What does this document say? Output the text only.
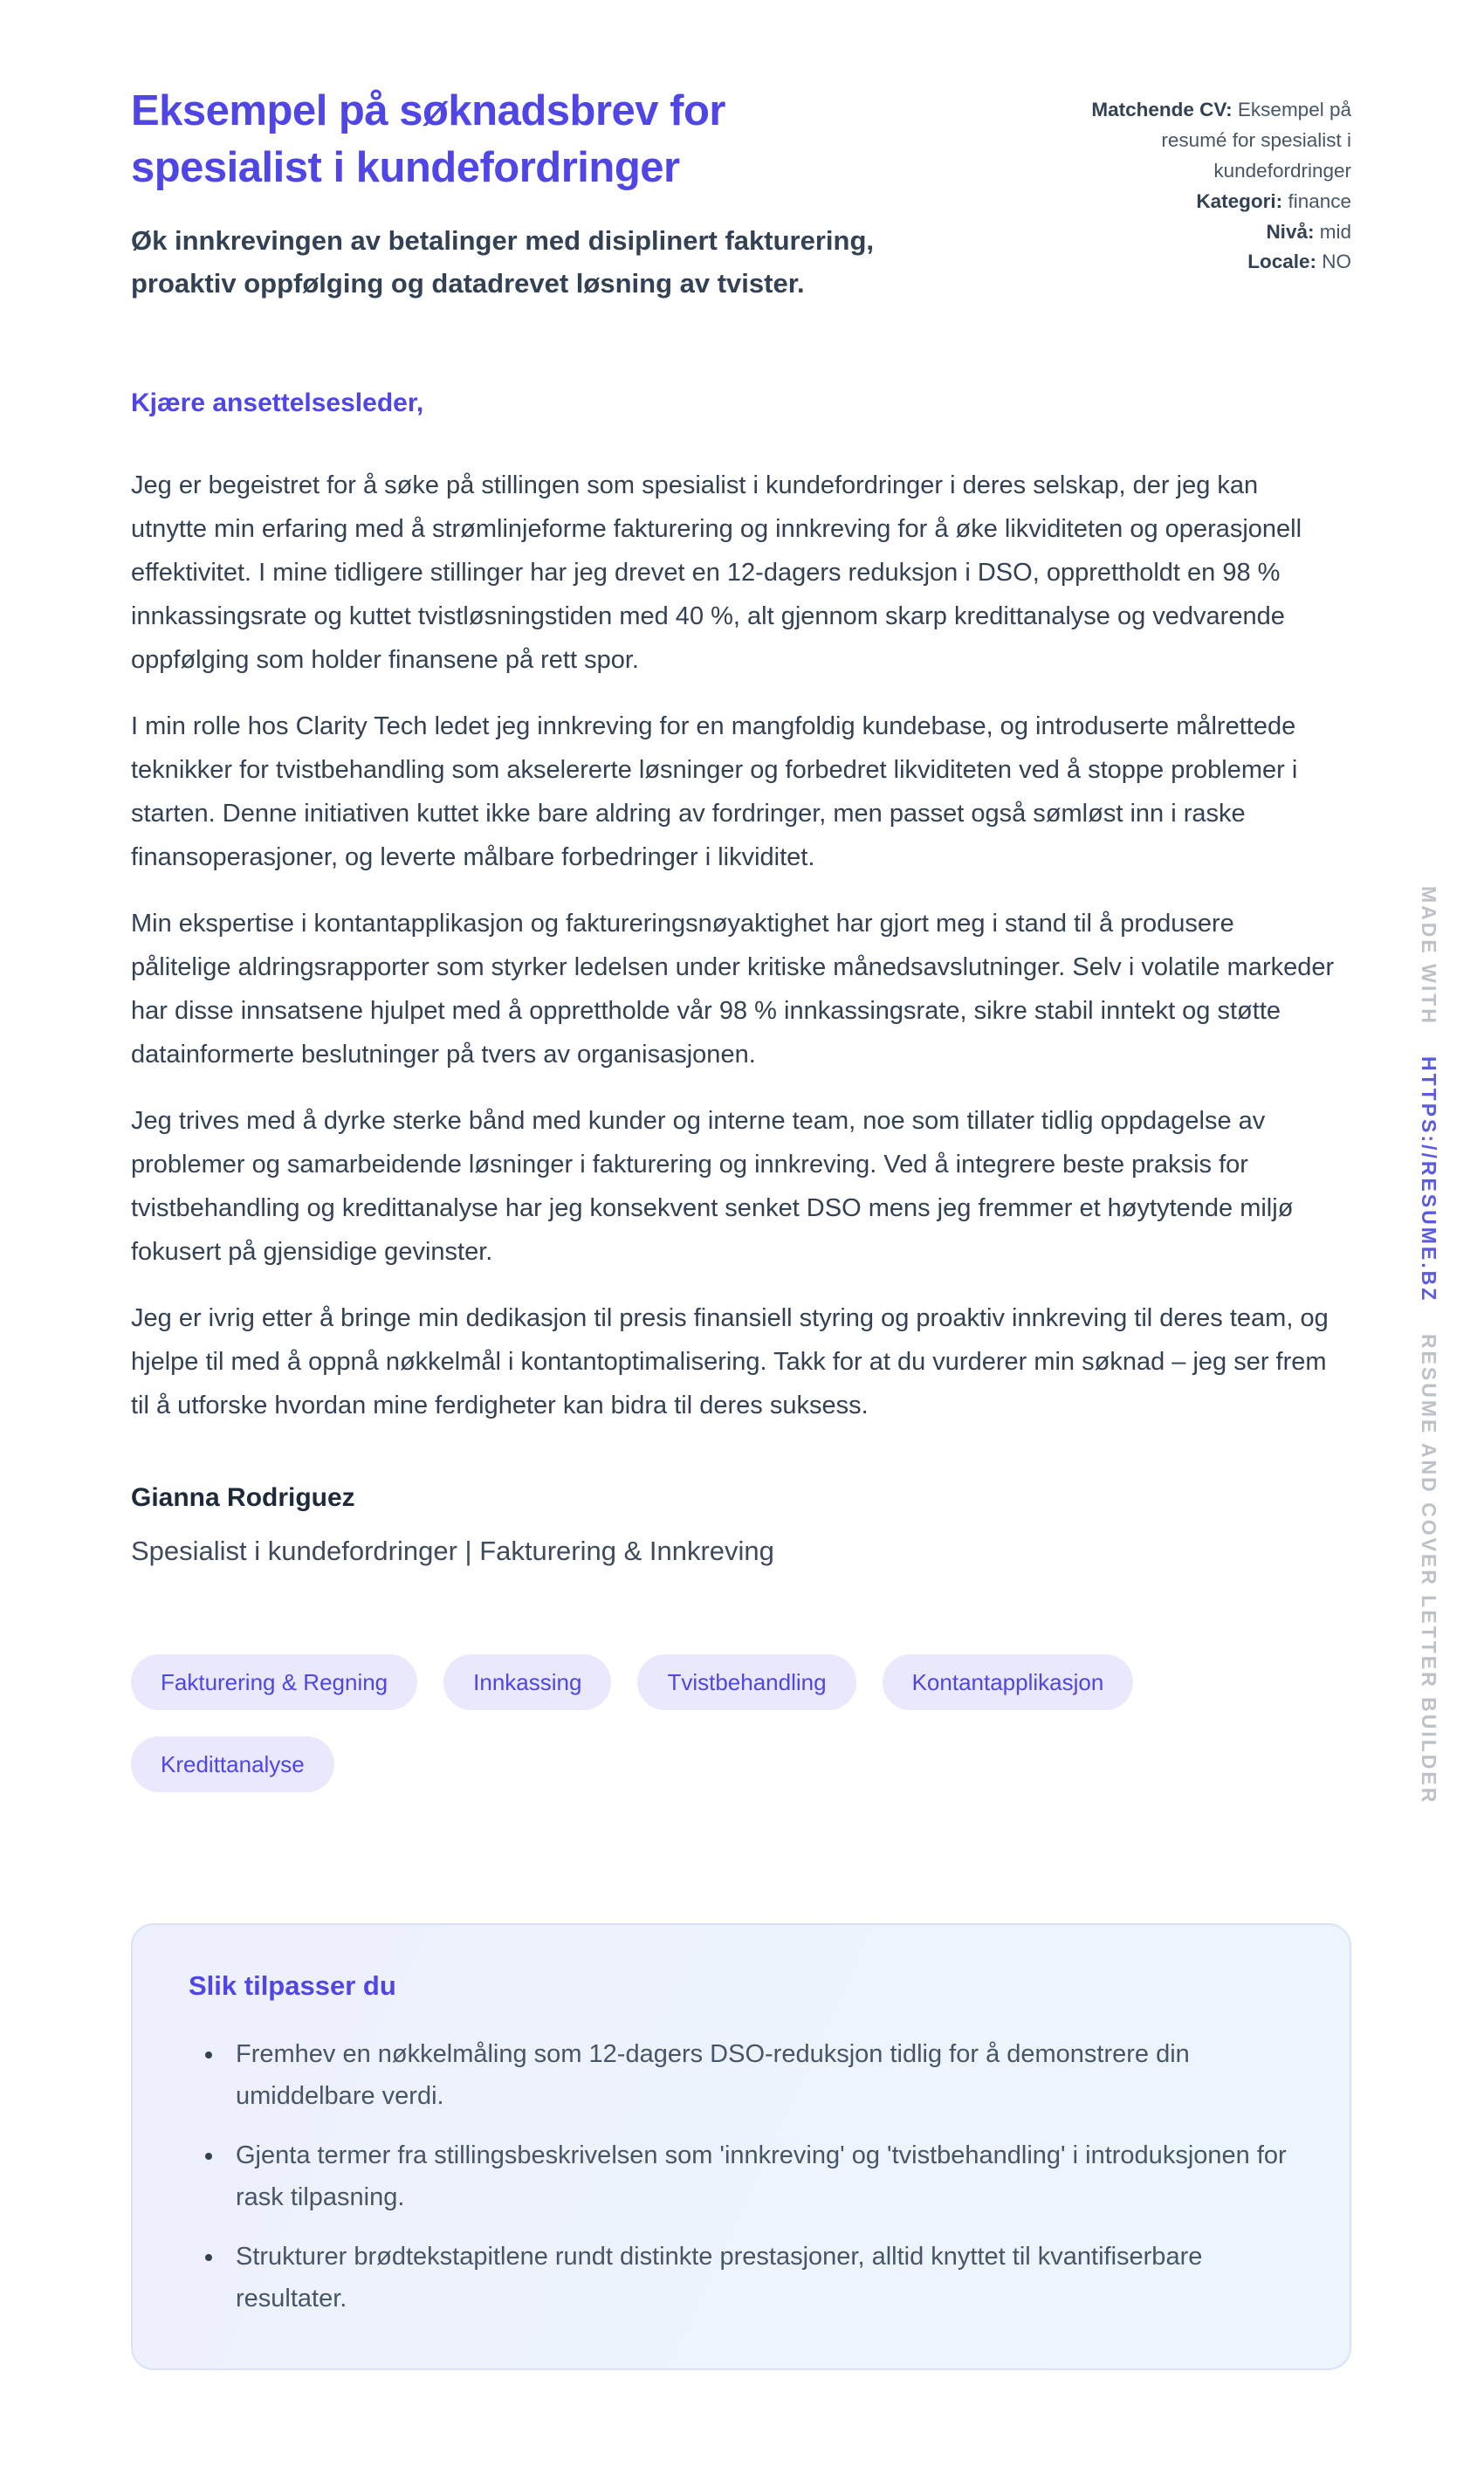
Eksempel på søknadsbrev for spesialist i kundefordringer

Øk innkrevingen av betalinger med disiplinert fakturering, proaktiv oppfølging og datadrevet løsning av tvister.

Matchende CV: Eksempel på resumé for spesialist i kundefordringer
Kategori: finance
Nivå: mid
Locale: NO

Kjære ansettelsesleder,

Jeg er begeistret for å søke på stillingen som spesialist i kundefordringer i deres selskap, der jeg kan utnytte min erfaring med å strømlinjeforme fakturering og innkreving for å øke likviditeten og operasjonell effektivitet. I mine tidligere stillinger har jeg drevet en 12-dagers reduksjon i DSO, opprettholdt en 98 % innkassingsrate og kuttet tvistløsningstiden med 40 %, alt gjennom skarp kredittanalyse og vedvarende oppfølging som holder finansene på rett spor.

I min rolle hos Clarity Tech ledet jeg innkreving for en mangfoldig kundebase, og introduserte målrettede teknikker for tvistbehandling som akselererte løsninger og forbedret likviditeten ved å stoppe problemer i starten. Denne initiativen kuttet ikke bare aldring av fordringer, men passet også sømløst inn i raske finansoperasjoner, og leverte målbare forbedringer i likviditet.

Min ekspertise i kontantapplikasjon og faktureringsnøyaktighet har gjort meg i stand til å produsere pålitelige aldringsrapporter som styrker ledelsen under kritiske månedsavslutninger. Selv i volatile markeder har disse innsatsene hjulpet med å opprettholde vår 98 % innkassingsrate, sikre stabil inntekt og støtte datainformerte beslutninger på tvers av organisasjonen.

Jeg trives med å dyrke sterke bånd med kunder og interne team, noe som tillater tidlig oppdagelse av problemer og samarbeidende løsninger i fakturering og innkreving. Ved å integrere beste praksis for tvistbehandling og kredittanalyse har jeg konsekvent senket DSO mens jeg fremmer et høytytende miljø fokusert på gjensidige gevinster.

Jeg er ivrig etter å bringe min dedikasjon til presis finansiell styring og proaktiv innkreving til deres team, og hjelpe til med å oppnå nøkkelmål i kontantoptimalisering. Takk for at du vurderer min søknad – jeg ser frem til å utforske hvordan mine ferdigheter kan bidra til deres suksess.

Gianna Rodriguez

Spesialist i kundefordringer | Fakturering & Innkreving

Fakturering & Regning	Innkassing	Tvistbehandling	Kontantapplikasjon
Kredittanalyse
Slik tilpasser du
• Fremhev en nøkkelmåling som 12-dagers DSO-reduksjon tidlig for å demonstrere din umiddelbare verdi.
• Gjenta termer fra stillingsbeskrivelsen som 'innkreving' og 'tvistbehandling' i introduksjonen for rask tilpasning.
• Strukturer brødtekstapitlene rundt distinkte prestasjoner, alltid knyttet til kvantifiserbare resultater.
MADE WITH HTTPS://RESUME.BZ RESUME AND COVER LETTER BUILDER
